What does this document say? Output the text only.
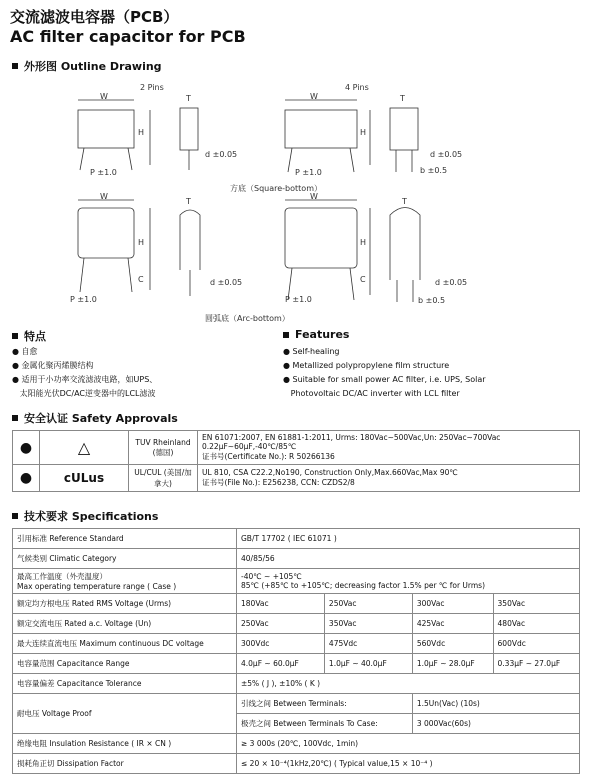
交流滤波电容器（PCB）
AC filter capacitor for PCB
外形图 Outline Drawing
2 Pins	4 Pins
W	T	W	T
H	H
P ±1.0	P ±1.0
d ±0.05	d ±0.05
b ±0.5
方底（Square-bottom）
W	W
T	T
H	H
C	C
d ±0.05	d ±0.05
P ±1.0	P ±1.0	b ±0.5
圆弧底（Arc-bottom）
特点
● 自愈
● 金属化聚丙烯膜结构
● 适用于小功率交流滤波电路，如UPS、
太阳能光伏DC/AC逆变器中的LCL滤波
Features
● Self-healing
● Metallized polypropylene film structure
● Suitable for small power AC filter, i.e. UPS, Solar
Photovoltaic DC/AC inverter with LCL filter
安全认证 Safety Approvals
●	△	TUV Rheinland (德国)	EN 61071:2007, EN 61881-1:2011, Urms: 180Vac~500Vac,Un: 250Vac~700Vac 0.22μF~60μF,-40℃/85℃
证书号(Certificate No.): R 50266136

●	cULus	UL/CUL (美国/加拿大)	UL 810, CSA C22.2,No190, Construction Only,Max.660Vac,Max 90℃
证书号(File No.): E256238, CCN: CZDS2/8
技术要求 Specifications
引用标准 Reference Standard	GB/T 17702 ( IEC 61071 )			
气候类别 Climatic Category	40/85/56			
最高工作温度（外壳温度）
Max operating temperature range ( Case )	-40℃ ~ +105℃
85℃ (+85℃ to +105℃; decreasing factor 1.5% per ℃ for Urms)			
额定均方根电压 Rated RMS Voltage (Urms)	180Vac	250Vac	300Vac	350Vac
额定交流电压 Rated a.c. Voltage (Un)	250Vac	350Vac	425Vac	480Vac
最大连续直流电压 Maximum continuous DC voltage	300Vdc	475Vdc	560Vdc	600Vdc
电容量范围 Capacitance Range	4.0μF ~ 60.0μF	1.0μF ~ 40.0μF	1.0μF ~ 28.0μF	0.33μF ~ 27.0μF
电容量偏差 Capacitance Tolerance	±5% ( J ), ±10% ( K )			
耐电压 Voltage Proof	引线之间 Between Terminals:		1.5Un(Vac) (10s)	
	极壳之间 Between Terminals To Case:		3 000Vac(60s)	
绝缘电阻 Insulation Resistance ( IR × CN )	≥ 3 000s (20℃, 100Vdc, 1min)			
损耗角正切 Dissipation Factor	≤ 20 × 10⁻⁴(1kHz,20℃) ( Typical value,15 × 10⁻⁴ )			
